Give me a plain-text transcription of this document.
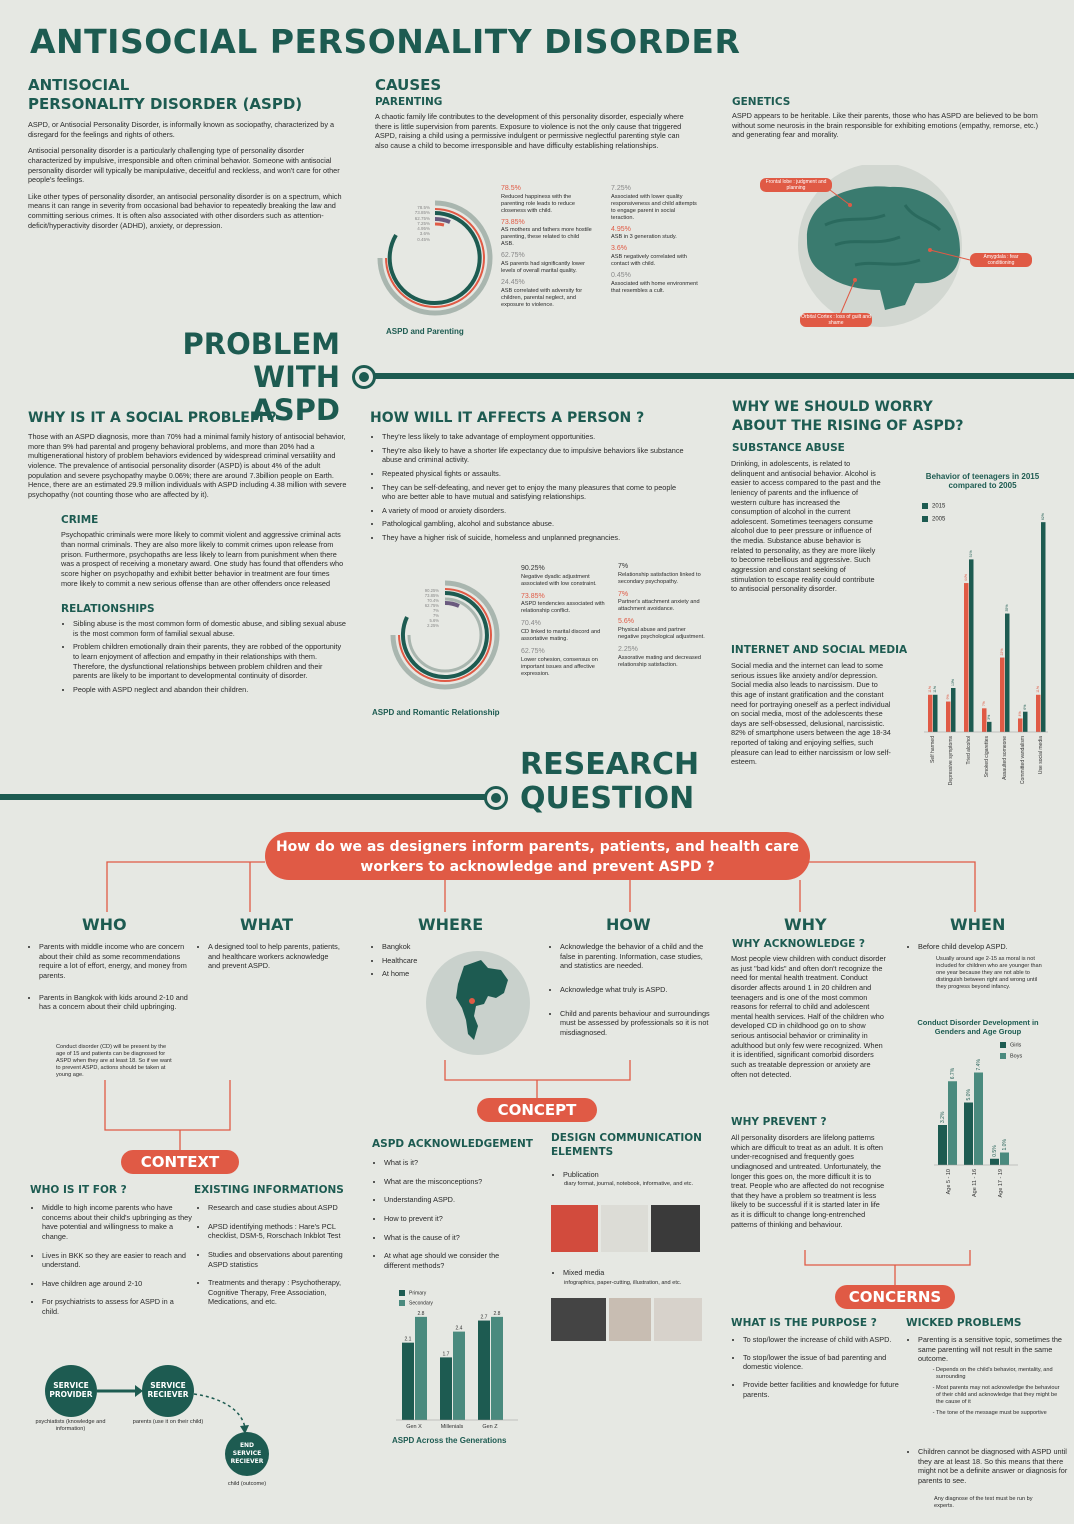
ANTISOCIAL PERSONALITY DISORDER
ANTISOCIAL
PERSONALITY DISORDER (ASPD)

ASPD, or Antisocial Personality Disorder, is informally known as sociopathy, characterized by a disregard for the feelings and rights of others.

Antisocial personality disorder is a particularly challenging type of personality disorder characterized by impulsive, irresponsible and often criminal behavior. Someone with antisocial personality disorder will typically be manipulative, deceitful and reckless, and won't care for other people's feelings.

Like other types of personality disorder, an antisocial personality disorder is on a spectrum, which means it can range in severity from occasional bad behavior to repeatedly breaking the law and committing serious crimes. It is often also associated with other disorders such as attention-deficit/hyperactivity disorder (ADHD), anxiety, or depression.

CAUSES
PARENTING
A chaotic family life contributes to the development of this personality disorder, especially where there is little supervision from parents. Exposure to violence is not the only cause that triggered ASPD, raising a child using a permissive indulgent or permissive neglectful parenting style can also cause a child to become irresponsible and have difficulty establishing relationships.
78.5%
73.85%
62.75%
7.25%
4.95%
3.6%
0.45%
ASPD and Parenting
78.5%
Reduced happiness with the parenting role leads to reduce closeness with child.
73.85%
AS mothers and fathers more hostile parenting, these related to child ASB.
62.75%
AS parents had significantly lower levels of overall marital quality.
24.45%
ASB correlated with adversity for children, parental neglect, and exposure to violence.
7.25%
Associated with lower quality responsiveness and child attempts to engage parent in social teraction.
4.95%
ASB in 3 generation study.
3.6%
ASB negatively correlated with contact with child.
0.45%
Associated with home environment that resembles a cult.
GENETICS
ASPD appears to be heritable. Like their parents, those who has ASPD are believed to be born without some neurosis in the brain responsible for exhibiting emotions (empathy, remorse, etc.) and generating fear and morality.
Frontal lobe : judgment and planning
Amygdala : fear conditioning
Orbital Cortex : loss of guilt and shame
PROBLEM WITH
ASPD
WHY IS IT A SOCIAL PROBLEM ?
Those with an ASPD diagnosis, more than 70% had a minimal family history of antisocial behavior, more than 9% had parental and progeny behavioral problems, and more than 20% had a multigenerational history of problem behaviors evidenced by widespread criminal versatility and violence. The prevalence of antisocial personality disorder (ASPD) is about 4% of the adult population and severe psychopathy maybe 0.06%; there are around 7.3billion people on Earth. Hence, there are an estimated 29.9 million individuals with ASPD including 4.38 million with severe psychopathy (not counting those who are affected by it).
CRIME
Psychopathic criminals were more likely to commit violent and aggressive criminal acts than normal criminals. They are also more likely to commit crimes upon release from prison. Furthermore, psychopaths are less likely to learn from punishment when there was a prospect of receiving a monetary award. One study has found that offenders who score higher on psychopathy and exhibit better behavior in treatment are four times more likely to commit a new serious offense than are other offenders once released
RELATIONSHIPS
• Sibling abuse is the most common form of domestic abuse, and sibling sexual abuse is the most common form of familial sexual abuse.
• Problem children emotionally drain their parents, they are robbed of the opportunity to learn enjoyment of affection and empathy in their relationships with them. Therefore, the dysfunctional relationships between problem children and their parents are likely to be important to developmental continuity of disorder.
• People with ASPD neglect and abandon their children.
HOW WILL IT AFFECTS A PERSON ?
• They're less likely to take advantage of employment opportunities.
• They're also likely to have a shorter life expectancy due to impulsive behaviors like substance abuse and criminal activity.
• Repeated physical fights or assaults.
• They can be self-defeating, and never get to enjoy the many pleasures that come to people who are better able to have mutual and satisfying relationships.
• A variety of mood or anxiety disorders.
• Pathological gambling, alcohol and substance abuse.
• They have a higher risk of suicide, homeless and unplanned pregnancies.
90.25%
73.85%
70.4%
62.75%
7%
7%
5.6%
2.25%
ASPD and Romantic Relationship
90.25%
Negative dyadic adjustment associated with low constraint.
73.85%
ASPD tendencies associated with relationship conflict.
70.4%
CD linked to marital discord and assortative mating.
62.75%
Lower cohesion, consensus on important issues and affective expression.
7%
Relationship satisfaction linked to secondary psychopathy.
7%
Partner's attachment anxiety and attachment avoidance.
5.6%
Physical abuse and partner negative psychological adjustment.
2.25%
Assorative mating and decreased relationship satisfaction.
WHY WE SHOULD WORRY
ABOUT THE RISING OF ASPD?
SUBSTANCE ABUSE
Drinking, in adolescents, is related to delinquent and antisocial behavior. Alcohol is easier to access compared to the past and the leniency of parents and the influence of western culture has increased the consumption of alcohol in the current adolescent. Sometimes teenagers consume alcohol due to peer pressure or influence of the media. Substance abuse behavior is related to personality, as they are more likely to become rebellious and aggressive. Such aggression and constant seeking of stimulation to escape reality could contribute to antisocial personality disorder.
INTERNET AND SOCIAL MEDIA
Social media and the internet can lead to some serious issues like anxiety and/or depression. Social media also leads to narcissism. Due to this age of instant gratification and the constant need for portraying oneself as a perfect individual on social media, most of the adolescents these days are self-obsessed, delusional, narcissistic. 82% of smartphone users between the age 18-34 reported of taking and enjoying selfies, such pleasure can lead to either narcissism or low self-esteem.
Behavior of teenagers in 2015 compared to 2005
2015
2005
11% 11%
Self harmed
9%
13%
Depressive symptoms
44%
51%
Tried alcohol
7%
3%
Smoked cigarettes
22%
35%
Assaulted someone
4%
6%
Committed vandalism
11%
62%
Use social media
RESEARCH
QUESTION
How do we as designers inform parents, patients, and health care workers to acknowledge and prevent ASPD ?
WHO	WHAT	WHERE	HOW	WHY	WHEN
• Parents with middle income who are concern about their child as some recommendations require a lot of effort, energy, and money from parents.
• Parents in Bangkok with kids around 2-10 and has a concern about their child upbringing.
Conduct disorder (CD) will be present by the age of 15 and patients can be diagnosed for ASPD when they are at least 18. So if we want to prevent ASPD, actions should be taken at young age.
• A designed tool to help parents, patients, and healthcare workers acknowledge and prevent ASPD.
• Bangkok
• Healthcare
• At home
• Acknowledge the behavior of a child and the false in parenting. Information, case studies, and statistics are needed.
• Acknowledge what truly is ASPD.
• Child and parents behaviour and surroundings must be assessed by professionals so it is not misdiagnosed.
CONCEPT
WHY ACKNOWLEDGE ?
Most people view children with conduct disorder as just "bad kids" and often don't recognize the need for mental health treatment. Conduct disorder affects around 1 in 20 children and teenagers and is one of the most common reasons for referral to child and adolescent mental health services. Half of the children who developed CD in childhood go on to show serious antisocial behavior or criminality in adulthood but only few were recognized. When it is identified, significant comorbid disorders such as treatable depression or anxiety are often not detected.
WHY PREVENT ?
All personality disorders are lifelong patterns which are difficult to treat as an adult. It is often under-recognised and frequently goes undiagnosed and untreated. Unfortunately, the longer this goes on, the more difficult it is to treat. People who are affected do not recognise that they have a problem so treatment is less likely to be successful if it is started later in life as it is difficult to change long-entrenched patterns of thinking and behaviour.
• Before child develop ASPD.
Usually around age 2-15 as moral is not included for children who are younger than one year because they are not able to distinguish between right and wrong until they progress beyond infancy.
Conduct Disorder Development in Genders and Age Group
Girls
Boys
3.2%
6.7%
Age 5 - 10
5.0%
7.4%
Age 11 - 16
0.5%
1.0%
Age 17 - 19
CONTEXT
WHO IS IT FOR ?
• Middle to high income parents who have concerns about their child's upbringing as they have potential and willingness to make a change.
• Lives in BKK so they are easier to reach and understand.
• Have children age around 2-10
• For psychiatrists to assess for ASPD in a child.
EXISTING INFORMATIONS
• Research and case studies about ASPD
• APSD identifying methods : Hare's PCL checklist, DSM-5, Rorschach Inkblot Test
• Studies and observations about parenting ASPD statistics
• Treatments and therapy : Psychotherapy, Cognitive Therapy, Free Association, Medications, and etc.
SERVICE PROVIDER
SERVICE RECIEVER
END SERVICE RECIEVER
psychiatists (knowledge and information)
parents (use it on their child)
child (outcome)
ASPD ACKNOWLEDGEMENT
• What is it?
• What are the misconceptions?
• Understanding ASPD.
• How to prevent it?
• What is the cause of it?
• At what age should we consider the different methods?
Primary
Secondary
2.1
2.8
Gen X
1.7
2.4
Millenials
2.7
2.8
Gen Z
ASPD Across the Generations
DESIGN COMMUNICATION ELEMENTS
• Publication
diary format, journal, notebook, informative, and etc.
• Mixed media
infographics, paper-cutting, illustration, and etc.
CONCERNS
WHAT IS THE PURPOSE ?
• To stop/lower the increase of child with ASPD.
• To stop/lower the issue of bad parenting and domestic violence.
• Provide better facilities and knowledge for future parents.
WICKED PROBLEMS
• Parenting is a sensitive topic, sometimes the same parenting will not result in the same outcome.
- Depends on the child's behavior, mentality, and surrounding
- Most parents may not acknowledge the behaviour of their child and acknowledge that they might be the cause of it
- The tone of the message must be supportive
• Children cannot be diagnosed with ASPD until they are at least 18. So this means that there might not be a definite answer or diagnosis for parents to see.
Any diagnose of the test must be run by experts.
